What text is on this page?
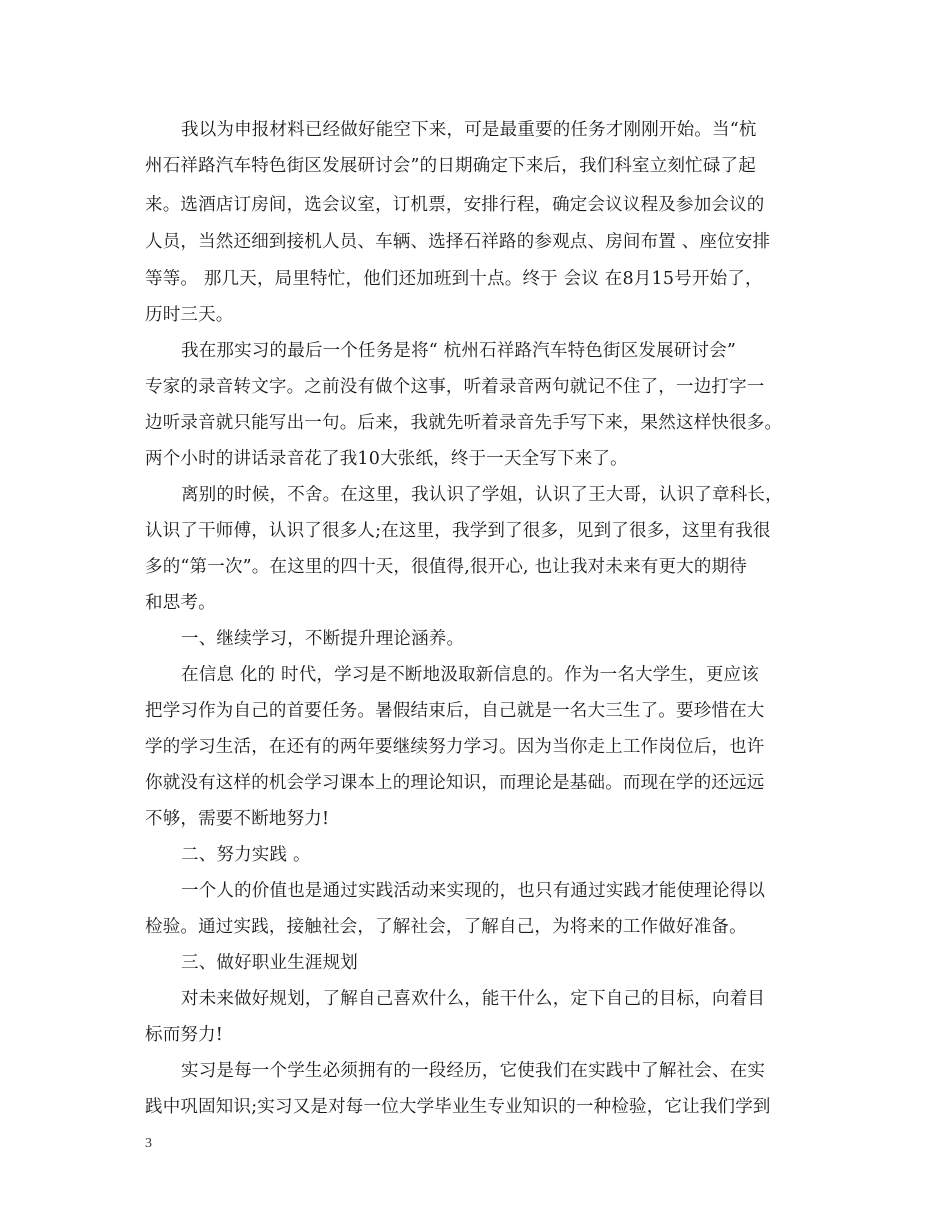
我以为申报材料已经做好能空下来，可是最重要的任务才刚刚开始。当“杭
州石祥路汽车特色街区发展研讨会”的日期确定下来后，我们科室立刻忙碌了起
来。选酒店订房间，选会议室，订机票，安排行程，确定会议议程及参加会议的
人员，当然还细到接机人员、车辆、选择石祥路的参观点、房间布置 、座位安排
等等。 那几天，局里特忙，他们还加班到十点。终于 会议 在8月15号开始了，
历时三天。
我在那实习的最后一个任务是将“ 杭州石祥路汽车特色街区发展研讨会”
专家的录音转文字。之前没有做个这事，听着录音两句就记不住了，一边打字一
边听录音就只能写出一句。后来，我就先听着录音先手写下来，果然这样快很多。
两个小时的讲话录音花了我10大张纸，终于一天全写下来了。
离别的时候，不舍。在这里，我认识了学姐，认识了王大哥，认识了章科长，
认识了干师傅，认识了很多人;在这里，我学到了很多，见到了很多，这里有我很
多的“第一次”。在这里的四十天，很值得,很开心, 也让我对未来有更大的期待
和思考。
一、继续学习，不断提升理论涵养。
在信息 化的 时代，学习是不断地汲取新信息的。作为一名大学生，更应该
把学习作为自己的首要任务。暑假结束后，自己就是一名大三生了。要珍惜在大
学的学习生活，在还有的两年要继续努力学习。因为当你走上工作岗位后，也许
你就没有这样的机会学习课本上的理论知识，而理论是基础。而现在学的还远远
不够，需要不断地努力!
二、努力实践 。
一个人的价值也是通过实践活动来实现的，也只有通过实践才能使理论得以
检验。通过实践，接触社会，了解社会，了解自己，为将来的工作做好准备。
三、做好职业生涯规划
对未来做好规划，了解自己喜欢什么，能干什么，定下自己的目标，向着目
标而努力!
实习是每一个学生必须拥有的一段经历，它使我们在实践中了解社会、在实
践中巩固知识;实习又是对每一位大学毕业生专业知识的一种检验，它让我们学到
3
